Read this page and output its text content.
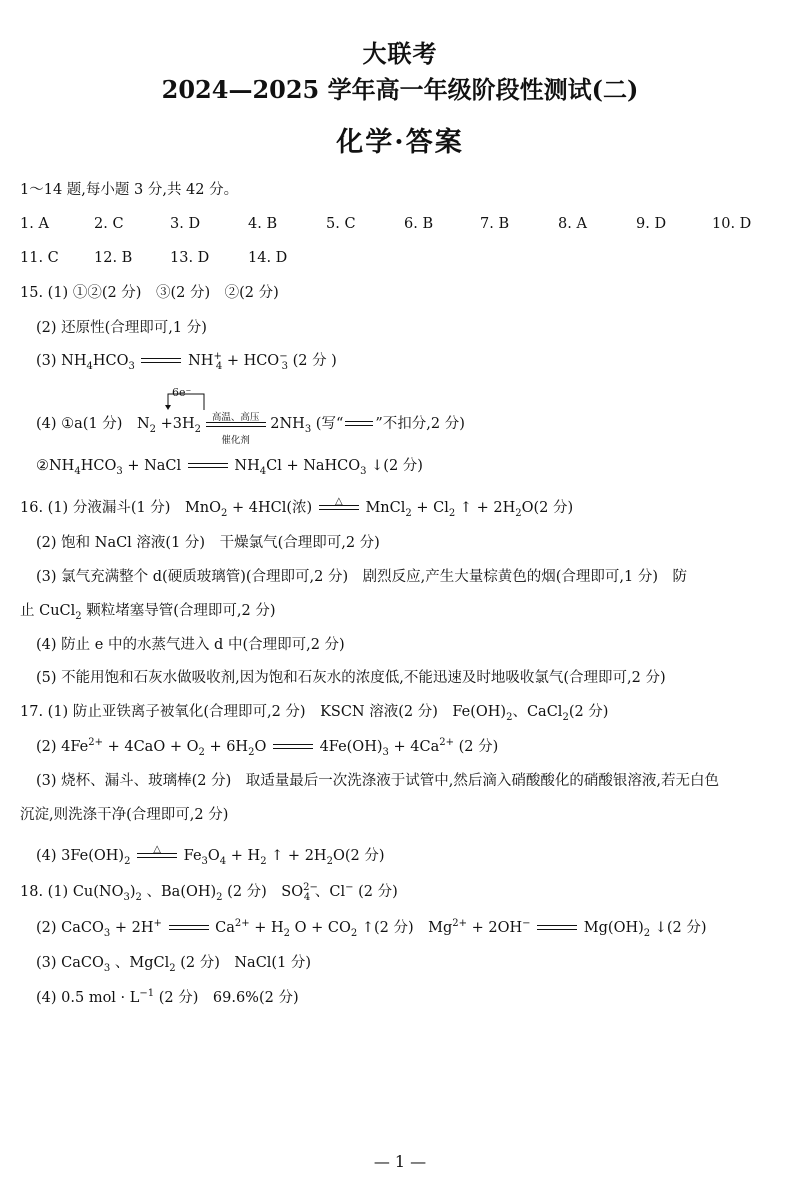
大联考
2024—2025 学年高一年级阶段性测试(二)
化学·答案
1～14 题,每小题 3 分,共 42 分。
1. A	2. C	3. D	4. B	5. C	6. B	7. B	8. A	9. D	10. D
11. C 12. B	13. D	14. D
15. (1) ①②(2 分)　③(2 分)　②(2 分)
(2) 还原性(合理即可,1 分)
(3) $NH_4HCO_3$	$NH^+_4 + HCO^-_3$ (2 分 )
6e⁻
(4) ①a(1 分)　$N_2 +3H_2$
高温、高压
催化剂
$2NH_3$ (写“ ”不扣分,2 分)
$②NH_4HCO_3$ + NaCl	$NH_4Cl$ + NaHCO$_3$ ↓(2 分)
16. (1) 分液漏斗(1 分)　MnO$_2$ + 4HCl(浓)	△	MnCl$_2$ + $Cl_2$ ↑ + $2H_2O(2$ 分)
(2) 饱和 NaCl 溶液(1 分)　干燥氯气(合理即可,2 分)
(3) 氯气充满整个 d(硬质玻璃管)(合理即可,2 分)　剧烈反应,产生大量棕黄色的烟(合理即可,1 分)　防
止 CuCl$_2$ 颗粒堵塞导管(合理即可,2 分)
(4) 防止 e 中的水蒸气进入 d 中(合理即可,2 分)
(5) 不能用饱和石灰水做吸收剂,因为饱和石灰水的浓度低,不能迅速及时地吸收氯气(合理即可,2 分)
17. (1) 防止亚铁离子被氧化(合理即可,2 分)　KSCN 溶液(2 分)　$Fe(OH)_2$、CaCl$_2$(2 分)
(2) $4Fe^{2+} + 4CaO + O_2 + 6H_2O$	$4Fe(OH)_3 + 4Ca^{2+}$ (2 分)
(3) 烧杯、漏斗、玻璃棒(2 分)　取适量最后一次洗涤液于试管中,然后滴入硝酸酸化的硝酸银溶液,若无白色
沉淀,则洗涤干净(合理即可,2 分)
(4) $3Fe(OH)_2$
△	$Fe_3O_4 + H_2$ ↑ + $2H_2O(2$ 分)
18. (1) $Cu(NO_3)_2$ 、$Ba(OH)_2$ (2 分)　$SO^{2-}_4$ 、Cl− (2 分)
(2) CaCO$_3$ + 2H+	$Ca^{2+} + H_2$ $O + CO_2$ ↑(2 分)　$Mg^{2+} + 2OH^-$	$Mg(OH)_2$ ↓(2 分)
(3) CaCO$_3$ 、MgCl$_2$ (2 分)　NaCl(1 分)
(4) 0.5 mol · $L^{-1}$ (2 分)　69.6%(2 分)
— 1 —
